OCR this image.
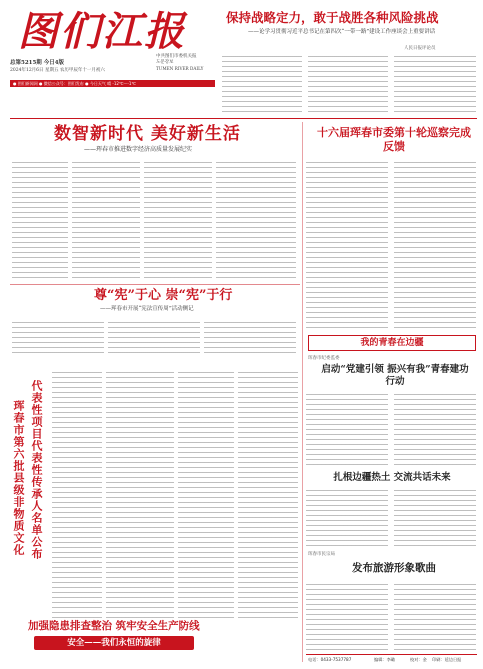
图们江报
中共图们市委机关报
도문강보
TUMEN RIVER DAILY
总第5215期 今日4版
2024年12月6日 星期五 农历甲辰年十一月初六
● 图们新闻网 ● 微信公众号：图们发布 ● 今日天气 晴 -12℃～-1℃
保持战略定力，敢于战胜各种风险挑战
——论学习贯彻习近平总书记在第四次“一带一路”建设工作座谈会上重要讲话
人民日报评论员
数智新时代 美好新生活
——珲春市推进数字经济高质量发展纪实
十六届珲春市委第十轮巡察完成反馈
我的青春在边疆
珲春市纪委监委
启动“党建引领 振兴有我”青春建功行动
扎根边疆热土 交流共话未来
珲春市民宗局
发布旅游形象歌曲
尊“宪”于心 崇“宪”于行
——珲春市开展“宪法宣传周”活动侧记
珲春市第六批县级非物质文化 代表性项目代表性传承人名单公布
加强隐患排查整治 筑牢安全生产防线
安全——我们永恒的旋律
电话：0433-7537787	编辑：李璐	校对：金 印刷：延边日报
